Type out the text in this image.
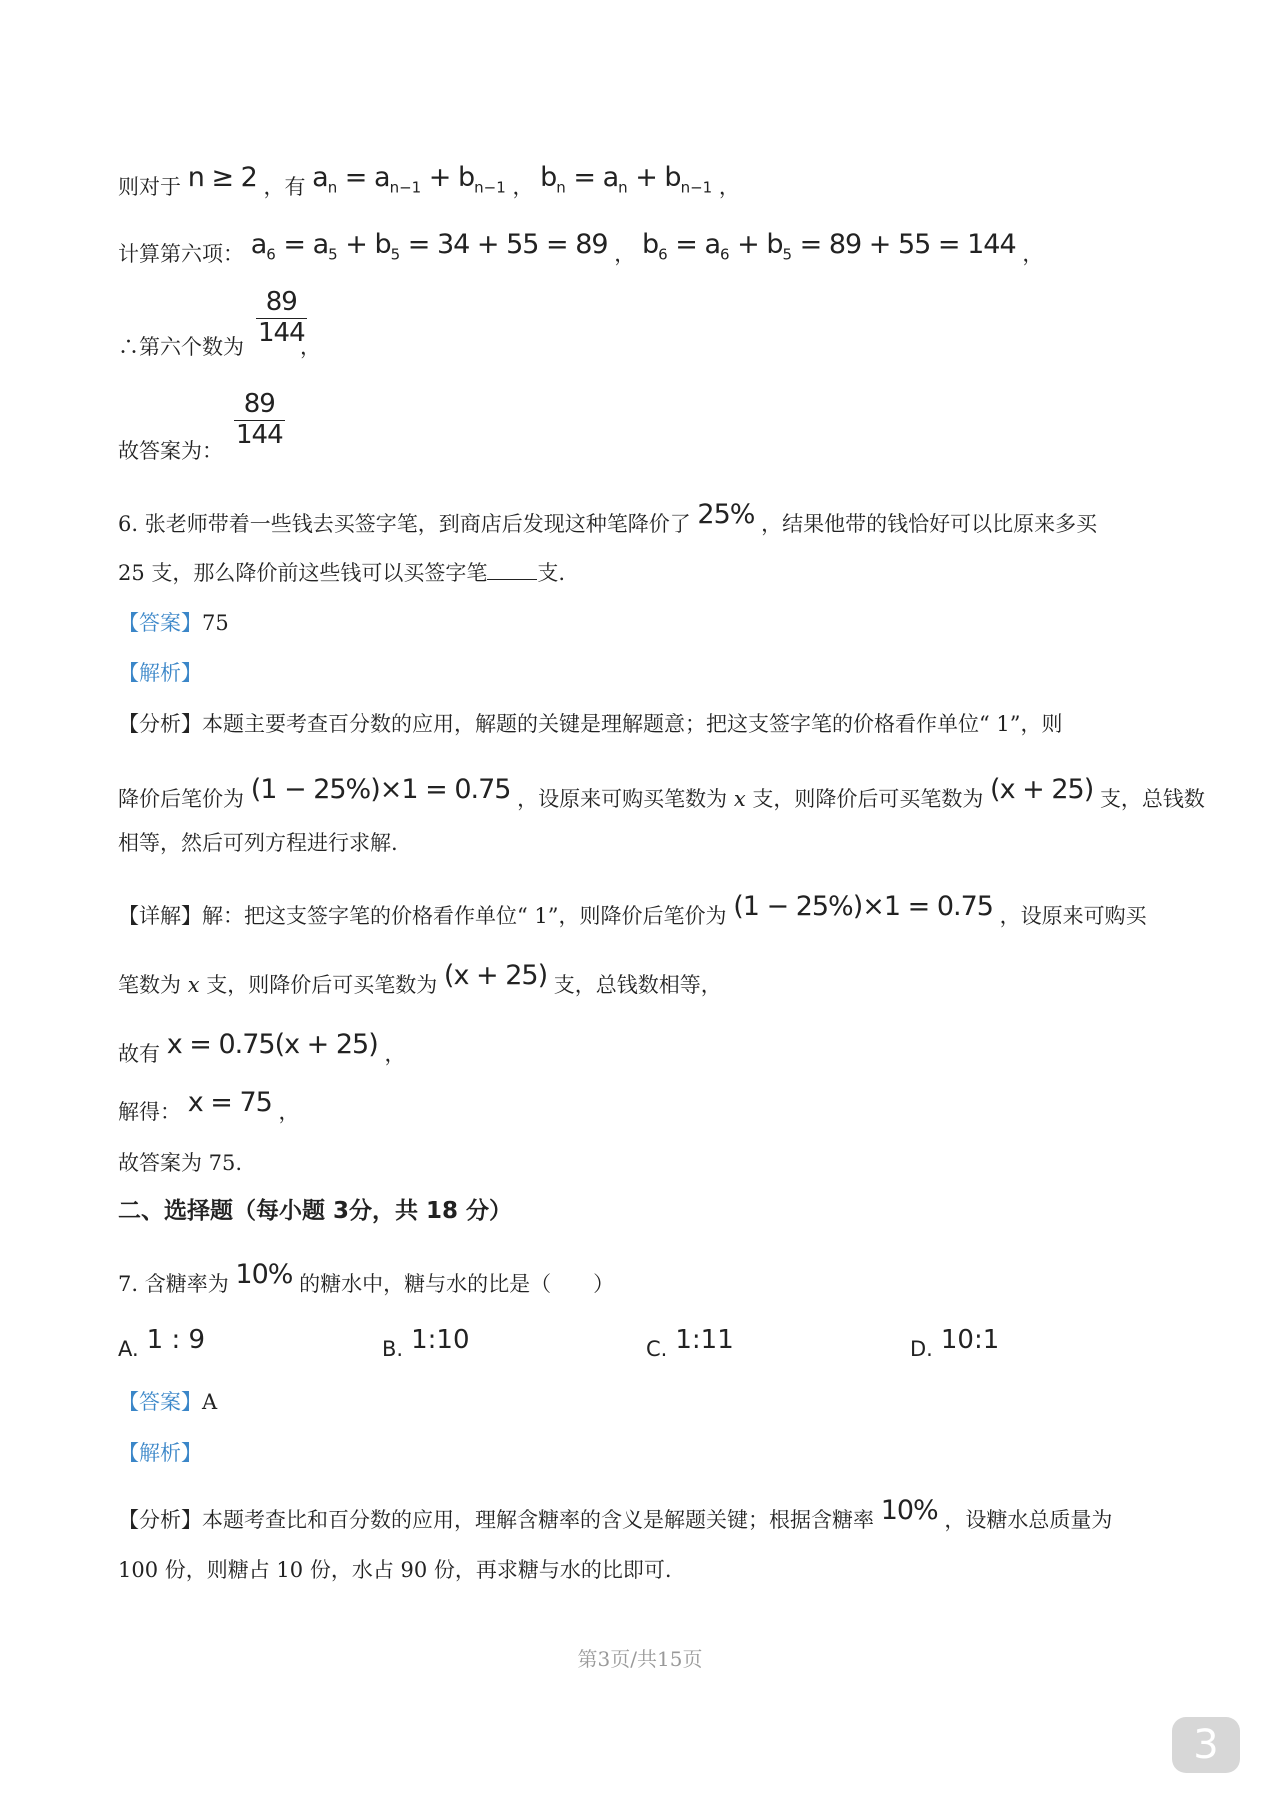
则对于 n ≥ 2 ，有 $a_n = a_{n-1} + b_{n-1}$ ， $b_n = a_n + b_{n-1}$ ，
计算第六项： $a_6 = a_5 + b_5 = 34 + 55 = 89$ ， $b_6 = a_6 + b_5 = 89 + 55 = 144$ ，
∴第六个数为 $\frac{89}{144}$
，
故答案为：
$\frac{89}{144}$
6. 张老师带着一些钱去买签字笔，到商店后发现这种笔降价了 25% ，结果他带的钱恰好可以比原来多买
25 支，那么降价前这些钱可以买签字笔 支.
【答案】75
【解析】
【分析】本题主要考查百分数的应用，解题的关键是理解题意；把这支签字笔的价格看作单位“ 1”，则
降价后笔价为 (1 − 25%)×1 = 0.75 ，设原来可购买笔数为 x 支，则降价后可买笔数为 (x + 25) 支，总钱数
相等，然后可列方程进行求解.
【详解】解：把这支签字笔的价格看作单位“ 1”，则降价后笔价为 (1 − 25%)×1 = 0.75 ，设原来可购买
笔数为 x 支，则降价后可买笔数为 (x + 25) 支，总钱数相等，
故有 x = 0.75(x + 25) ，
解得： x = 75 ，
故答案为 75.
二、选择题（每小题 3分，共 18 分）
7. 含糖率为 10% 的糖水中，糖与水的比是（　　）
A. 1 : 9	B. 1:10	C. 1:11	D. 10:1
【答案】A
【解析】
【分析】本题考查比和百分数的应用，理解含糖率的含义是解题关键；根据含糖率 10% ，设糖水总质量为
100 份，则糖占 10 份，水占 90 份，再求糖与水的比即可.
第3页/共15页
3
